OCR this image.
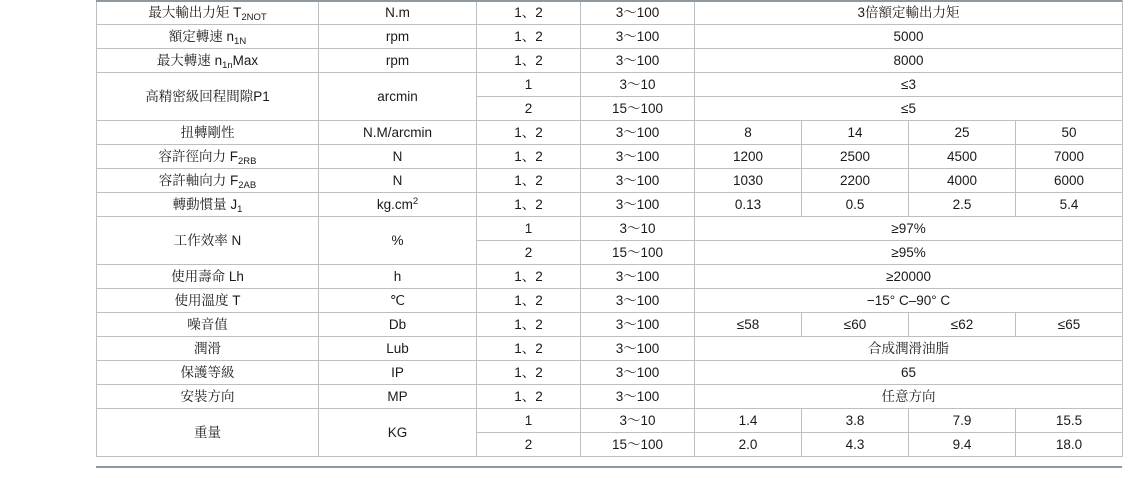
最大輸出力矩 $T_{2NOT}$	N.m	1、2	3～100	3倍額定輸出力矩			
額定轉速 $n_{1N}$	rpm	1、2	3～100	5000			
最大轉速 $n_{1n}Max$	rpm	1、2	3～100	8000			
高精密級回程間隙P1	arcmin	1	3～10	≤3			
		2	15～100	≤5			
扭轉剛性	N.M/arcmin	1、2	3～100	8	14	25	50
容許徑向力 $F_{2RB}$	N	1、2	3～100	1200	2500	4500	7000
容許軸向力 $F_{2AB}$	N	1、2	3～100	1030	2200	4000	6000
轉動慣量 $J_1$	$kg.cm^2$	1、2	3～100	0.13	0.5	2.5	5.4
工作效率 N	%	1	3～10	≥97%			
		2	15～100	≥95%			
使用壽命 Lh	h	1、2	3～100	≥20000			
使用溫度 T	℃	1、2	3～100	−15° C–90° C			
噪音值	Db	1、2	3～100	≤58	≤60	≤62	≤65
潤滑	Lub	1、2	3～100	合成潤滑油脂			
保護等級	IP	1、2	3～100	65			
安裝方向	MP	1、2	3～100	任意方向			
重量	KG	1	3～10	1.4	3.8	7.9	15.5
		2	15～100	2.0	4.3	9.4	18.0
